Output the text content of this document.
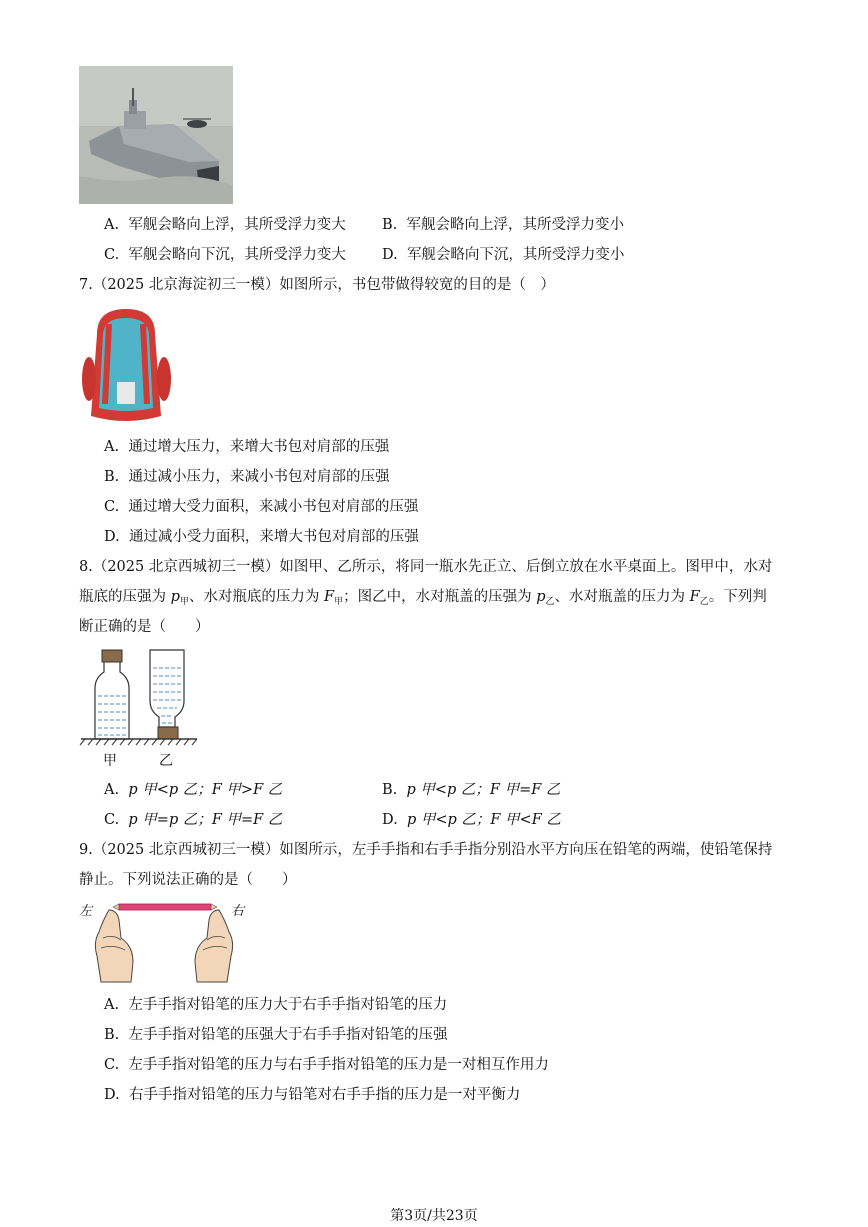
A. 军舰会略向上浮，其所受浮力变大 B. 军舰会略向上浮，其所受浮力变小
C. 军舰会略向下沉，其所受浮力变大 D. 军舰会略向下沉，其所受浮力变小
7.（2025 北京海淀初三一模）如图所示，书包带做得较宽的目的是（　）
A. 通过增大压力，来增大书包对肩部的压强
B. 通过减小压力，来减小书包对肩部的压强
C. 通过增大受力面积，来减小书包对肩部的压强
D. 通过减小受力面积，来增大书包对肩部的压强
8.（2025 北京西城初三一模）如图甲、乙所示，将同一瓶水先正立、后倒立放在水平桌面上。图甲中，水对
瓶底的压强为 $p_甲$、水对瓶底的压力为 $F_甲$；图乙中，水对瓶盖的压强为 $p_乙$、水对瓶盖的压力为 $F_乙$。下列判
断正确的是（　　）
甲	乙
A. p 甲<p 乙；F 甲>F 乙	B. p 甲<p 乙；F 甲=F 乙
C. p 甲=p 乙；F 甲=F 乙	D. p 甲<p 乙；F 甲<F 乙
9.（2025 北京西城初三一模）如图所示，左手手指和右手手指分别沿水平方向压在铅笔的两端，使铅笔保持
静止。下列说法正确的是（　　）
左	右
A. 左手手指对铅笔的压力大于右手手指对铅笔的压力
B. 左手手指对铅笔的压强大于右手手指对铅笔的压强
C. 左手手指对铅笔的压力与右手手指对铅笔的压力是一对相互作用力
D. 右手手指对铅笔的压力与铅笔对右手手指的压力是一对平衡力
第3页/共23页
